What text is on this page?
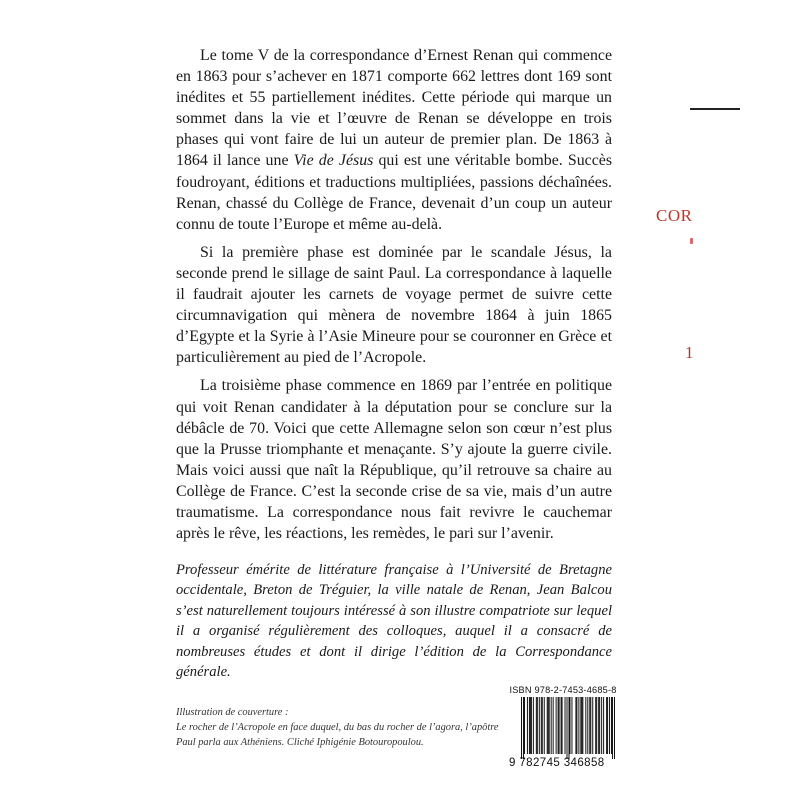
Le tome V de la correspondance d’Ernest Renan qui commence en 1863 pour s’achever en 1871 comporte 662 lettres dont 169 sont inédites et 55 partiellement inédites. Cette période qui marque un sommet dans la vie et l’œuvre de Renan se développe en trois phases qui vont faire de lui un auteur de premier plan. De 1863 à 1864 il lance une Vie de Jésus qui est une véritable bombe. Succès foudroyant, éditions et traductions multipliées, passions déchaînées. Renan, chassé du Collège de France, devenait d’un coup un auteur connu de toute l’Europe et même au-delà.

Si la première phase est dominée par le scandale Jésus, la seconde prend le sillage de saint Paul. La correspondance à laquelle il faudrait ajouter les carnets de voyage permet de suivre cette circumnavigation qui mènera de novembre 1864 à juin 1865 d’Egypte et la Syrie à l’Asie Mineure pour se couronner en Grèce et particulièrement au pied de l’Acropole.

La troisième phase commence en 1869 par l’entrée en politique qui voit Renan candidater à la députation pour se conclure sur la débâcle de 70. Voici que cette Allemagne selon son cœur n’est plus que la Prusse triomphante et menaçante. S’y ajoute la guerre civile. Mais voici aussi que naît la République, qu’il retrouve sa chaire au Collège de France. C’est la seconde crise de sa vie, mais d’un autre traumatisme. La correspondance nous fait revivre le cauchemar après le rêve, les réactions, les remèdes, le pari sur l’avenir.

Professeur émérite de littérature française à l’Université de Bretagne occidentale, Breton de Tréguier, la ville natale de Renan, Jean Balcou s’est naturellement toujours intéressé à son illustre compatriote sur lequel il a organisé régulièrement des colloques, auquel il a consacré de nombreuses études et dont il dirige l’édition de la Correspondance générale.

Illustration de couverture :

Le rocher de l’Acropole en face duquel, du bas du rocher de l’agora, l’apôtre Paul parla aux Athéniens. Cliché Iphigénie Botouropoulou.

ISBN 978-2-7453-4685-8
9 782745 346858
COR
1
